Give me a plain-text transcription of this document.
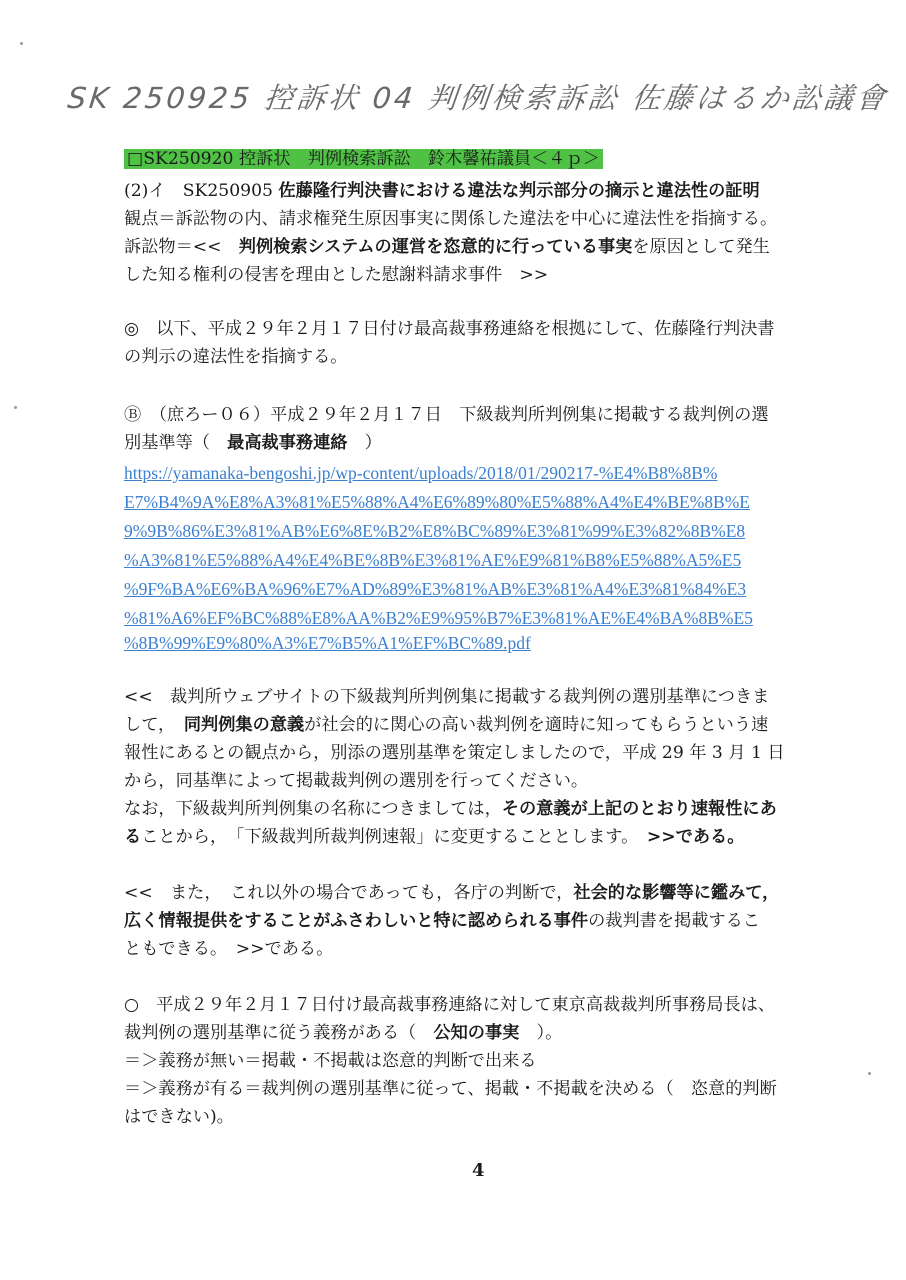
SK 250925 控訴状 04 判例検索訴訟 佐藤はるか訟議會
□SK250920 控訴状　判例検索訴訟　鈴木馨祐議員＜４ｐ＞
(2)イ　SK250905 佐藤隆行判決書における違法な判示部分の摘示と違法性の証明
観点＝訴訟物の内、請求権発生原因事実に関係した違法を中心に違法性を指摘する。
訴訟物＝<<　判例検索システムの運営を恣意的に行っている事実を原因として発生
した知る権利の侵害を理由とした慰謝料請求事件　>>
◎　以下、平成２９年２月１７日付け最高裁事務連絡を根拠にして、佐藤隆行判決書
の判示の違法性を指摘する。
Ⓑ　（庶ろー０６）平成２９年２月１７日　下級裁判所判例集に掲載する裁判例の選
別基準等（　最高裁事務連絡　）
https://yamanaka-bengoshi.jp/wp-content/uploads/2018/01/290217-%E4%B8%8B%
E7%B4%9A%E8%A3%81%E5%88%A4%E6%89%80%E5%88%A4%E4%BE%8B%E
9%9B%86%E3%81%AB%E6%8E%B2%E8%BC%89%E3%81%99%E3%82%8B%E8
%A3%81%E5%88%A4%E4%BE%8B%E3%81%AE%E9%81%B8%E5%88%A5%E5
%9F%BA%E6%BA%96%E7%AD%89%E3%81%AB%E3%81%A4%E3%81%84%E3
%81%A6%EF%BC%88%E8%AA%B2%E9%95%B7%E3%81%AE%E4%BA%8B%E5
%8B%99%E9%80%A3%E7%B5%A1%EF%BC%89.pdf
<<　裁判所ウェブサイトの下級裁判所判例集に掲載する裁判例の選別基準につきま
して，　同判例集の意義が社会的に関心の高い裁判例を適時に知ってもらうという速
報性にあるとの観点から，別添の選別基準を策定しましたので，平成 29 年 3 月 1 日
から，同基準によって掲載裁判例の選別を行ってください。
なお，下級裁判所判例集の名称につきましては，その意義が上記のとおり速報性にあ
ることから，　「下級裁判所裁判例速報」に変更することとします。　>>である。
<<　また，　これ以外の場合であっても，各庁の判断で，社会的な影響等に鑑みて，
広く情報提供をすることがふさわしいと特に認められる事件の裁判書を掲載するこ
ともできる。　>>である。
○　平成２９年２月１７日付け最高裁事務連絡に対して東京高裁裁判所事務局長は、
裁判例の選別基準に従う義務がある（　公知の事実　）。
＝＞義務が無い＝掲載・不掲載は恣意的判断で出来る
＝＞義務が有る＝裁判例の選別基準に従って、掲載・不掲載を決める（　恣意的判断
はできない)。
4
